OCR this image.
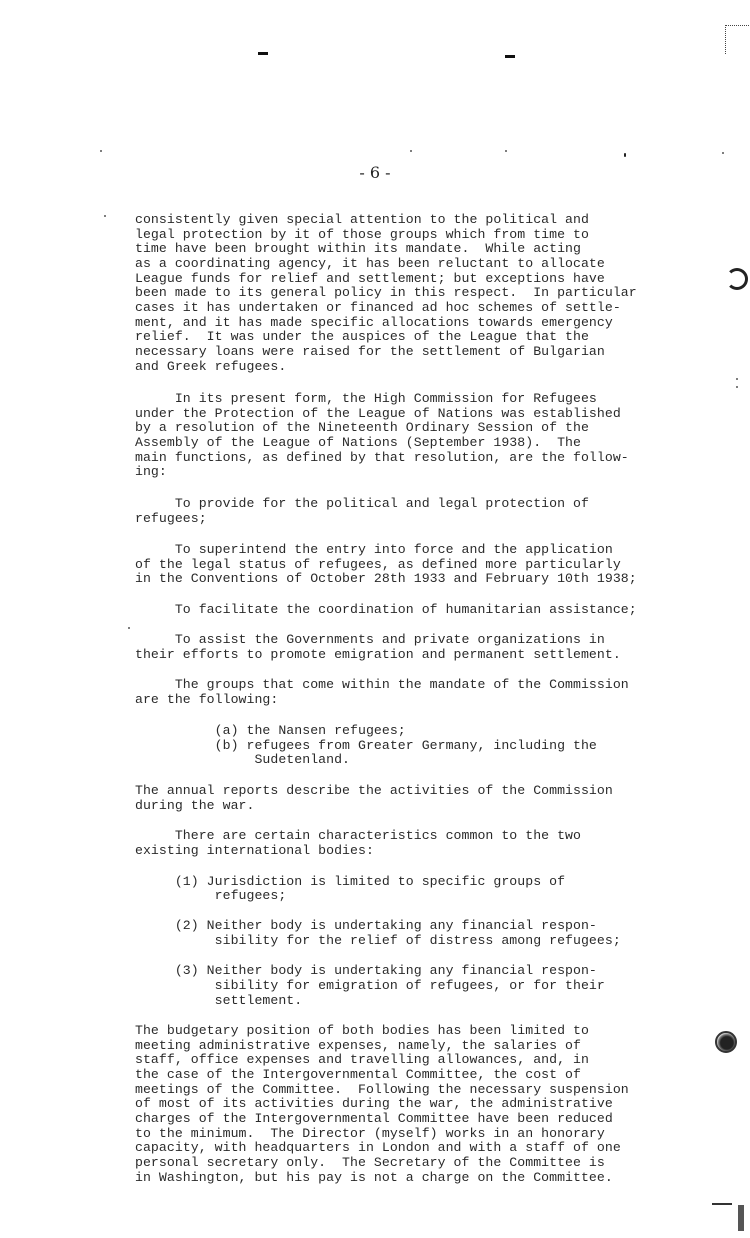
- 6 -
consistently given special attention to the political and
legal protection by it of those groups which from time to
time have been brought within its mandate.  While acting
as a coordinating agency, it has been reluctant to allocate
League funds for relief and settlement; but exceptions have
been made to its general policy in this respect.  In particular
cases it has undertaken or financed ad hoc schemes of settle-
ment, and it has made specific allocations towards emergency
relief.  It was under the auspices of the League that the
necessary loans were raised for the settlement of Bulgarian
and Greek refugees.
In its present form, the High Commission for Refugees
under the Protection of the League of Nations was established
by a resolution of the Nineteenth Ordinary Session of the
Assembly of the League of Nations (September 1938).  The
main functions, as defined by that resolution, are the follow-
ing:
To provide for the political and legal protection of
refugees;
To superintend the entry into force and the application
of the legal status of refugees, as defined more particularly
in the Conventions of October 28th 1933 and February 10th 1938;
To facilitate the coordination of humanitarian assistance;
To assist the Governments and private organizations in
their efforts to promote emigration and permanent settlement.
The groups that come within the mandate of the Commission
are the following:
(a) the Nansen refugees;
(b) refugees from Greater Germany, including the
Sudetenland.
The annual reports describe the activities of the Commission
during the war.
There are certain characteristics common to the two
existing international bodies:
(1) Jurisdiction is limited to specific groups of
refugees;
(2) Neither body is undertaking any financial respon-
sibility for the relief of distress among refugees;
(3) Neither body is undertaking any financial respon-
sibility for emigration of refugees, or for their
settlement.
The budgetary position of both bodies has been limited to
meeting administrative expenses, namely, the salaries of
staff, office expenses and travelling allowances, and, in
the case of the Intergovernmental Committee, the cost of
meetings of the Committee.  Following the necessary suspension
of most of its activities during the war, the administrative
charges of the Intergovernmental Committee have been reduced
to the minimum.  The Director (myself) works in an honorary
capacity, with headquarters in London and with a staff of one
personal secretary only.  The Secretary of the Committee is
in Washington, but his pay is not a charge on the Committee.
